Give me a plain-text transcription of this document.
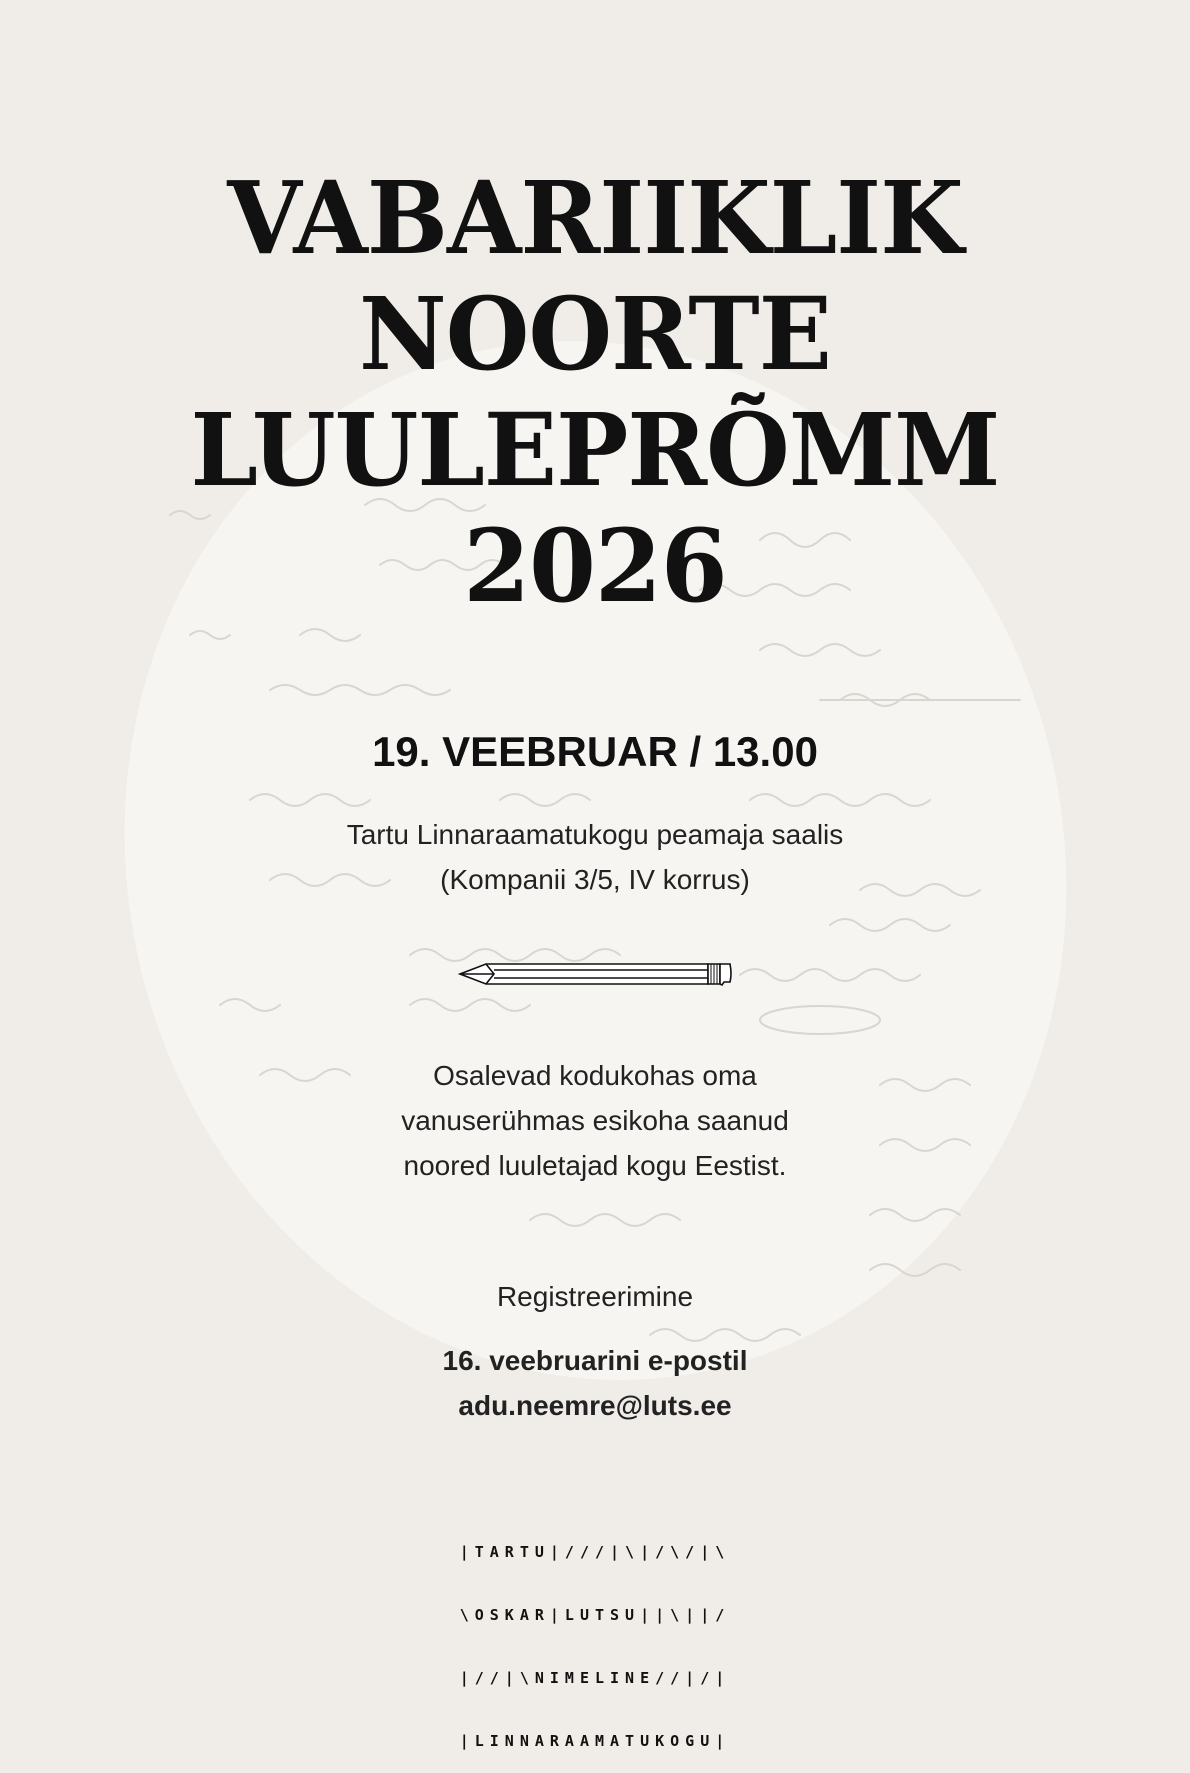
VABARIIKLIK
NOORTE
LUULEPRÕMM
2026
19. VEEBRUAR / 13.00
Tartu Linnaraamatukogu peamaja saalis
(Kompanii 3/5, IV korrus)
Osalevad kodukohas oma
vanuserühmas esikoha saanud
noored luuletajad kogu Eestist.
Registreerimine
16. veebruarini e-postil
adu.neemre@luts.ee

|TARTU|///|\|/\/|\

\OSKAR|LUTSU||\||/

|//|\NIMELINE//|/|

|LINNARAAMATUKOGU|
